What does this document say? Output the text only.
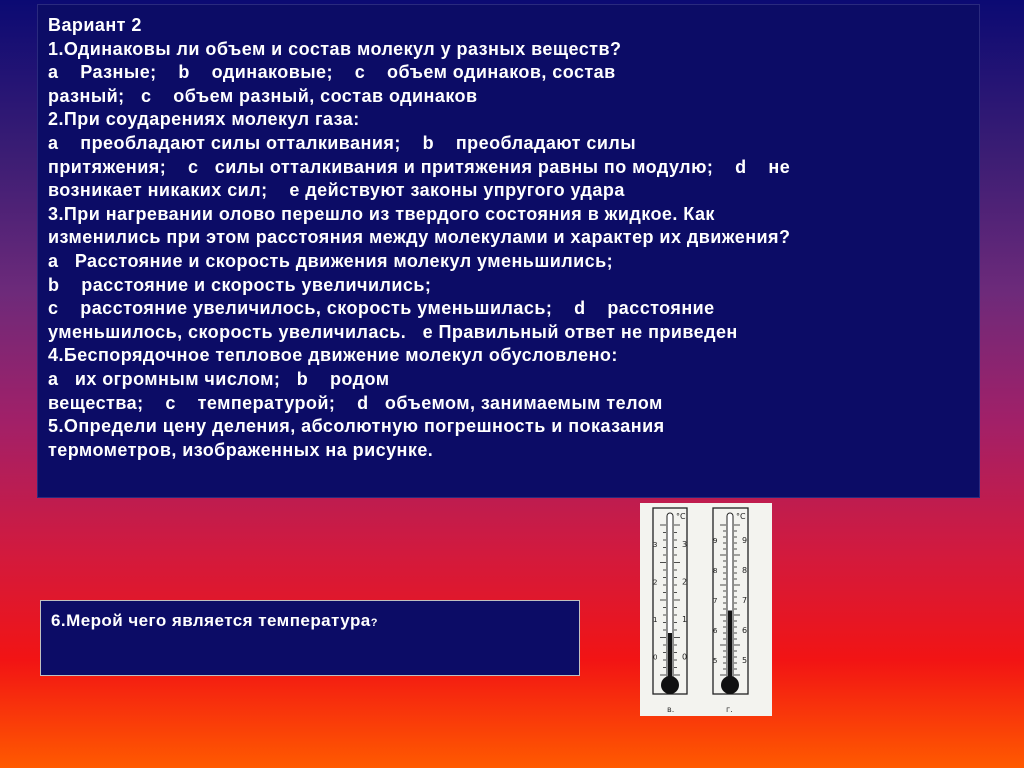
Вариант 2
1.Одинаковы ли объем и состав молекул у разных веществ?
а    Разные;    b    одинаковые;    с    объем одинаков, состав
разный;   с    объем разный, состав одинаков
2.При соударениях молекул газа:
а    преобладают силы отталкивания;    b    преобладают силы
притяжения;    с   силы отталкивания и притяжения равны по модулю;    d    не
возникает никаких сил;    е действуют законы упругого удара
3.При нагревании олово перешло из твердого состояния в жидкое. Как
изменились при этом расстояния между молекулами и характер их движения?
а   Расстояние и скорость движения молекул уменьшились;
b    расстояние и скорость увеличились;
с    расстояние увеличилось, скорость уменьшилась;    d    расстояние
уменьшилось, скорость увеличилась.   е Правильный ответ не приведен
4.Беспорядочное тепловое движение молекул обусловлено:
а   их огромным числом;   b    родом
вещества;    с    температурой;    d   объемом, занимаемым телом
5.Определи цену деления, абсолютную погрешность и показания
термометров, изображенных на рисунке.
°C
3
3
2
2
1
1
0
0
в.
°C
9
9
8
8
7
7
6
6
5
5
г.
6.Мерой чего является температура?
